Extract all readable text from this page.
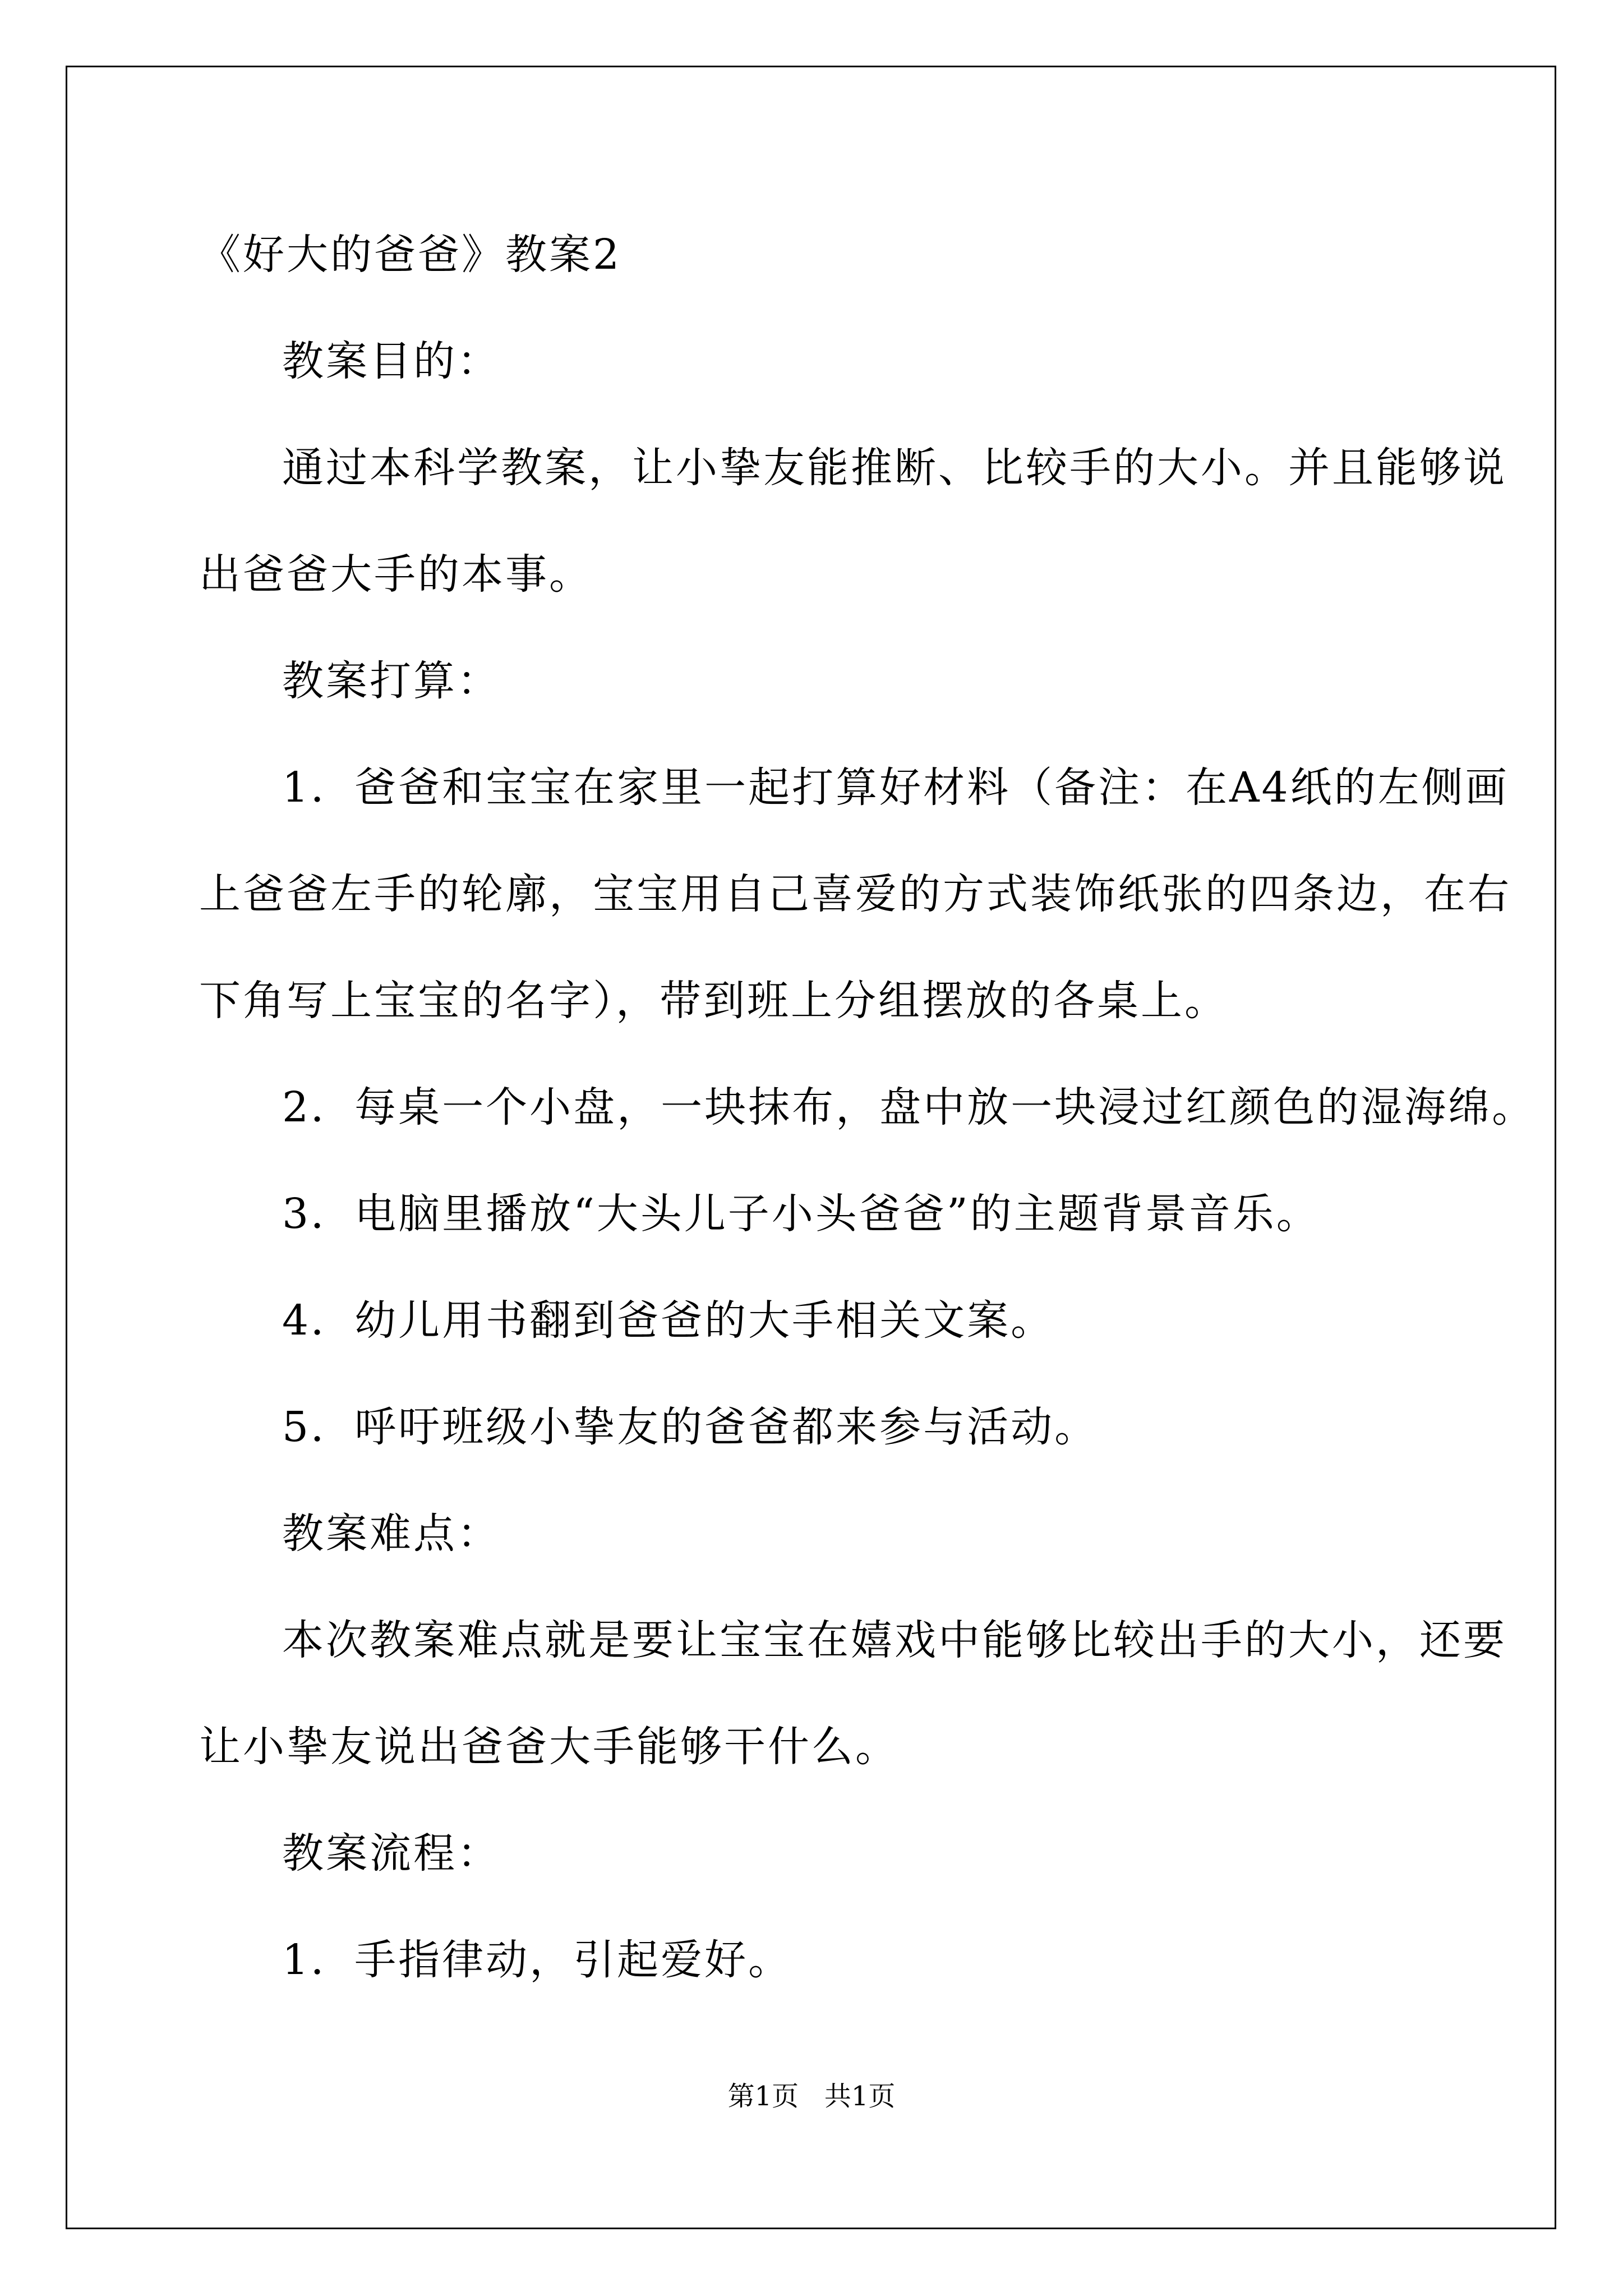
《好大的爸爸》教案2

教案目的：

通过本科学教案，让小挚友能推断、比较手的大小。并且能够说

出爸爸大手的本事。

教案打算：

1．爸爸和宝宝在家里一起打算好材料（备注：在A4纸的左侧画

上爸爸左手的轮廓，宝宝用自己喜爱的方式装饰纸张的四条边，在右

下角写上宝宝的名字），带到班上分组摆放的各桌上。

2．每桌一个小盘，一块抹布，盘中放一块浸过红颜色的湿海绵。

3．电脑里播放“大头儿子小头爸爸”的主题背景音乐。

4．幼儿用书翻到爸爸的大手相关文案。

5．呼吁班级小挚友的爸爸都来参与活动。

教案难点：

本次教案难点就是要让宝宝在嬉戏中能够比较出手的大小，还要

让小挚友说出爸爸大手能够干什么。

教案流程：

1．手指律动，引起爱好。

第1页   共1页
